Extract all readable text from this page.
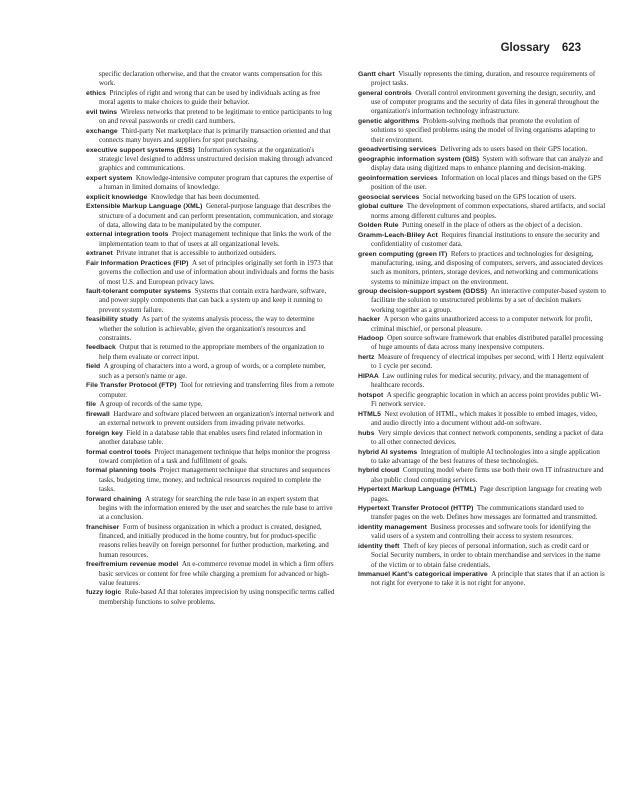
Glossary 623

specific declaration otherwise, and that the creator wants compensation for this work.

ethics  Principles of right and wrong that can be used by individuals acting as free moral agents to make choices to guide their behavior.

evil twins  Wireless networks that pretend to be legitimate to entice participants to log on and reveal passwords or credit card numbers.

exchange  Third-party Net marketplace that is primarily transaction oriented and that connects many buyers and suppliers for spot purchasing.

executive support systems (ESS)  Information systems at the organization's strategic level designed to address unstructured decision making through advanced graphics and communications.

expert system  Knowledge-intensive computer program that captures the expertise of a human in limited domains of knowledge.

explicit knowledge  Knowledge that has been documented.

Extensible Markup Language (XML)  General-purpose language that describes the structure of a document and can perform presentation, communication, and storage of data, allowing data to be manipulated by the computer.

external integration tools  Project management technique that links the work of the implementation team to that of users at all organizational levels.

extranet  Private intranet that is accessible to authorized outsiders.

Fair Information Practices (FIP)  A set of principles originally set forth in 1973 that governs the collection and use of information about individuals and forms the basis of most U.S. and European privacy laws.

fault-tolerant computer systems  Systems that contain extra hardware, software, and power supply components that can back a system up and keep it running to prevent system failure.

feasibility study  As part of the systems analysis process, the way to determine whether the solution is achievable, given the organization's resources and constraints.

feedback  Output that is returned to the appropriate members of the organization to help them evaluate or correct input.

field  A grouping of characters into a word, a group of words, or a complete number, such as a person's name or age.

File Transfer Protocol (FTP)  Tool for retrieving and transferring files from a remote computer.

file  A group of records of the same type.

firewall  Hardware and software placed between an organization's internal network and an external network to prevent outsiders from invading private networks.

foreign key  Field in a database table that enables users find related information in another database table.

formal control tools  Project management technique that helps monitor the progress toward completion of a task and fulfillment of goals.

formal planning tools  Project management technique that structures and sequences tasks, budgeting time, money, and technical resources required to complete the tasks.

forward chaining  A strategy for searching the rule base in an expert system that begins with the information entered by the user and searches the rule base to arrive at a conclusion.

franchiser  Form of business organization in which a product is created, designed, financed, and initially produced in the home country, but for product-specific reasons relies heavily on foreign personnel for further production, marketing, and human resources.

free/fremium revenue model  An e-commerce revenue model in which a firm offers basic services or content for free while charging a premium for advanced or high-value features.

fuzzy logic  Rule-based AI that tolerates imprecision by using nonspecific terms called membership functions to solve problems.

Gantt chart  Visually represents the timing, duration, and resource requirements of project tasks.

general controls  Overall control environment governing the design, security, and use of computer programs and the security of data files in general throughout the organization's information technology infrastructure.

genetic algorithms  Problem-solving methods that promote the evolution of solutions to specified problems using the model of living organisms adapting to their environment.

geoadvertising services  Delivering ads to users based on their GPS location.

geographic information system (GIS)  System with software that can analyze and display data using digitized maps to enhance planning and decision-making.

geoinformation services  Information on local places and things based on the GPS position of the user.

geosocial services  Social networking based on the GPS location of users.

global culture  The development of common expectations, shared artifacts, and social norms among different cultures and peoples.

Golden Rule  Putting oneself in the place of others as the object of a decision.

Gramm-Leach-Bliley Act  Requires financial institutions to ensure the security and confidentiality of customer data.

green computing (green IT)  Refers to practices and technologies for designing, manufacturing, using, and disposing of computers, servers, and associated devices such as monitors, printers, storage devices, and networking and communications systems to minimize impact on the environment.

group decision-support system (GDSS)  An interactive computer-based system to facilitate the solution to unstructured problems by a set of decision makers working together as a group.

hacker  A person who gains unauthorized access to a computer network for profit, criminal mischief, or personal pleasure.

Hadoop  Open source software framework that enables distributed parallel processing of huge amounts of data across many inexpensive computers.

hertz  Measure of frequency of electrical impulses per second, with 1 Hertz equivalent to 1 cycle per second.

HIPAA  Law outlining rules for medical security, privacy, and the management of healthcare records.

hotspot  A specific geographic location in which an access point provides public Wi-Fi network service.

HTML5  Next evolution of HTML, which makes it possible to embed images, video, and audio directly into a document without add-on software.

hubs  Very simple devices that connect network components, sending a packet of data to all other connected devices.

hybrid AI systems  Integration of multiple AI technologies into a single application to take advantage of the best features of these technologies.

hybrid cloud  Computing model where firms use both their own IT infrastructure and also public cloud computing services.

Hypertext Markup Language (HTML)  Page description language for creating web pages.

Hypertext Transfer Protocol (HTTP)  The communications standard used to transfer pages on the web. Defines how messages are formatted and transmitted.

identity management  Business processes and software tools for identifying the valid users of a system and controlling their access to system resources.

identity theft  Theft of key pieces of personal information, such as credit card or Social Security numbers, in order to obtain merchandise and services in the name of the victim or to obtain false credentials.

Immanuel Kant's categorical imperative  A principle that states that if an action is not right for everyone to take it is not right for anyone.
